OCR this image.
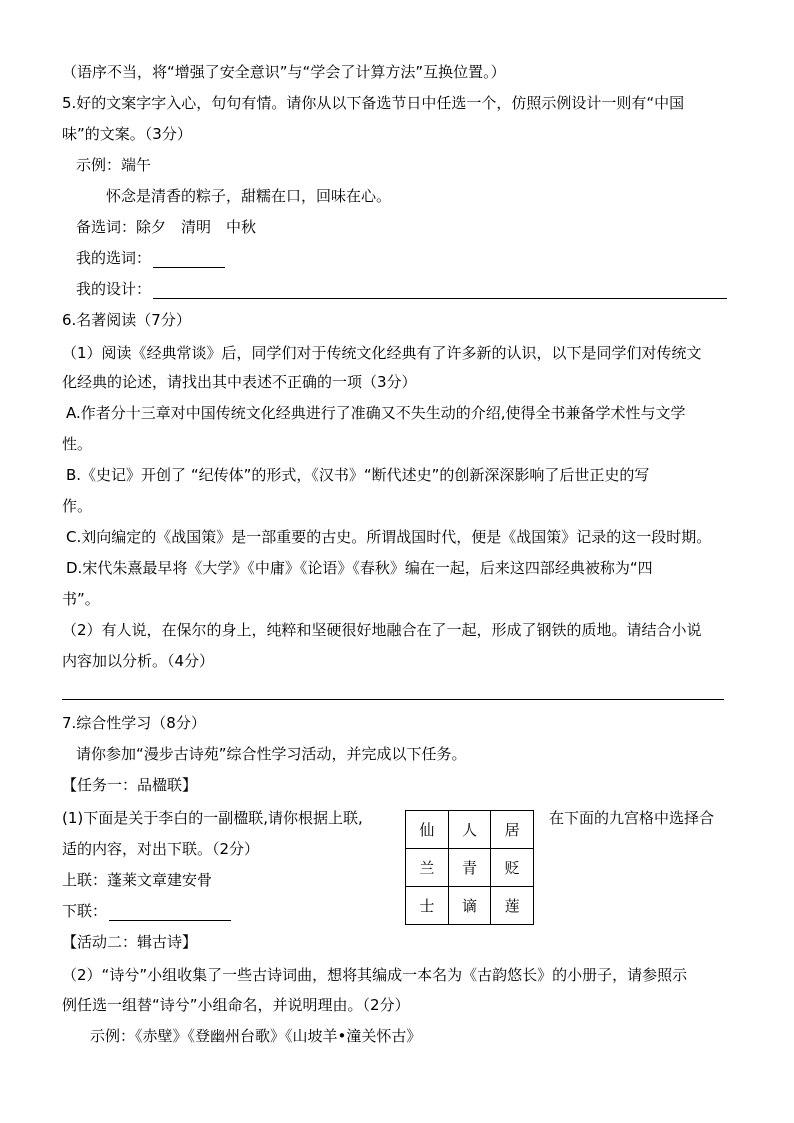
（语序不当，将“增强了安全意识”与“学会了计算方法”互换位置。）
5.好的文案字字入心，句句有情。请你从以下备选节日中任选一个，仿照示例设计一则有“中国
味”的文案。（3分）
示例：端午
怀念是清香的粽子，甜糯在口，回味在心。
备选词：除夕　清明　中秋
我的选词：
我的设计：
6.名著阅读（7分）
（1）阅读《经典常谈》后，同学们对于传统文化经典有了许多新的认识，以下是同学们对传统文
化经典的论述，请找出其中表述不正确的一项（3分）
A.作者分十三章对中国传统文化经典进行了准确又不失生动的介绍,使得全书兼备学术性与文学
性。
B.《史记》开创了 “纪传体”的形式，《汉书》“断代述史”的创新深深影响了后世正史的写
作。
C.刘向编定的《战国策》是一部重要的古史。所谓战国时代，便是《战国策》记录的这一段时期。
D.宋代朱熹最早将《大学》《中庸》《论语》《春秋》编在一起，后来这四部经典被称为“四
书”。
（2）有人说，在保尔的身上，纯粹和坚硬很好地融合在了一起，形成了钢铁的质地。请结合小说
内容加以分析。（4分）
7.综合性学习（8分）
请你参加“漫步古诗苑”综合性学习活动，并完成以下任务。
【任务一：品楹联】
(1)下面是关于李白的一副楹联,请你根据上联,	在下面的九宫格中选择合
适的内容，对出下联。（2分）
上联：蓬莱文章建安骨
下联：
仙	人	居
兰	青	贬
士	谪	莲
【活动二：辑古诗】
（2）“诗兮”小组收集了一些古诗词曲，想将其编成一本名为《古韵悠长》的小册子，请参照示
例任选一组替“诗兮”小组命名，并说明理由。（2分）
示例：《赤壁》《登幽州台歌》《山坡羊•潼关怀古》
